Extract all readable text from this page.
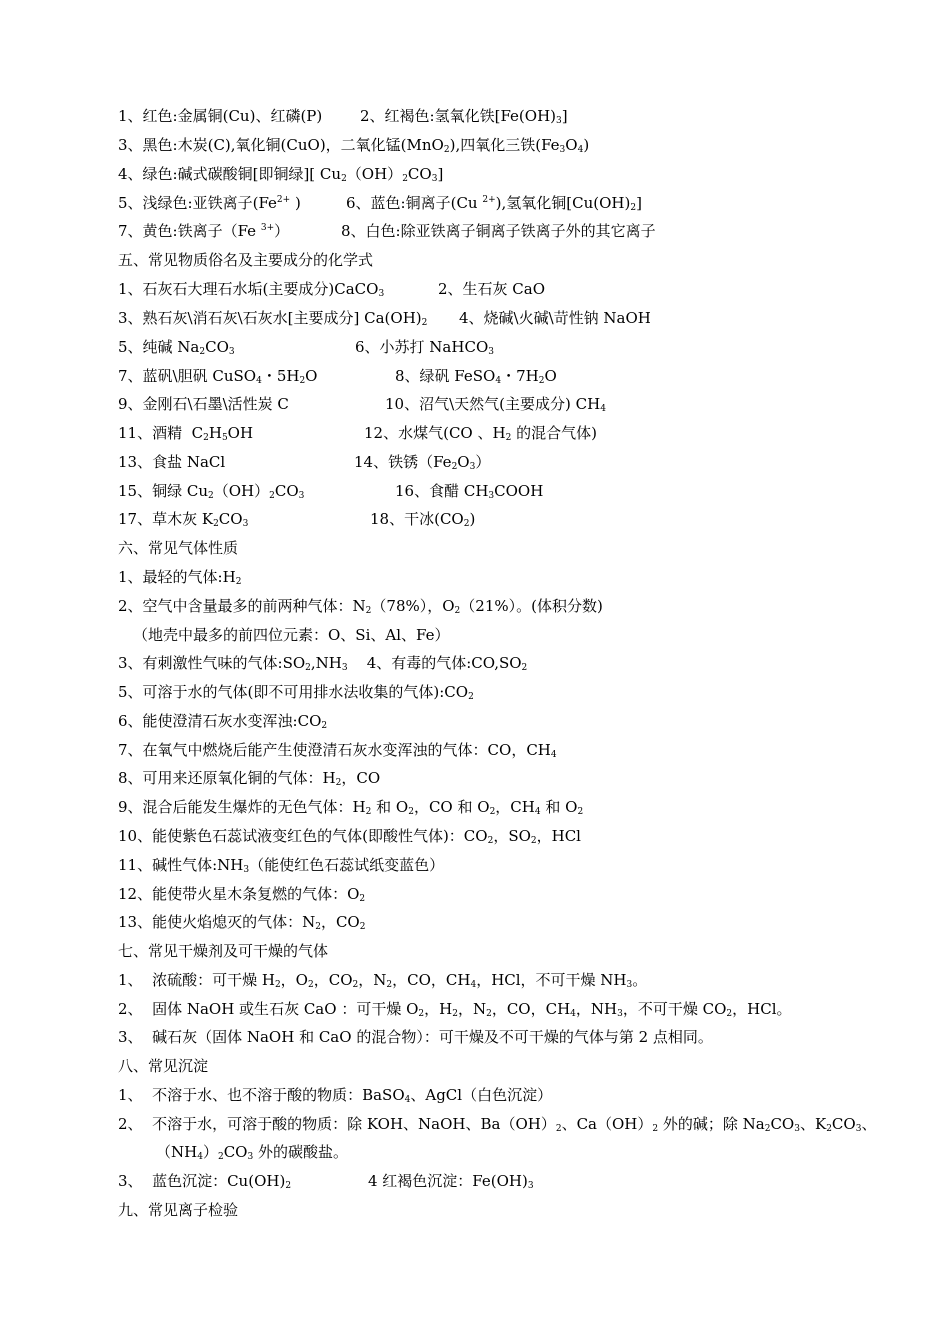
1、红色:金属铜(Cu)、红磷(P)	2、红褐色:氢氧化铁$[Fe(OH)_3]$
3、黑色:木炭(C),氧化铜(CuO)，二氧化锰(MnO$_2$),四氧化三铁$(Fe_3O_4)$
4、绿色:碱式碳酸铜[即铜绿][ $Cu_2(OH)_2CO_3$]
5、浅绿色:亚铁离子($Fe^{2+}$ )	6、蓝色:铜离子(Cu $^{2+}$),氢氧化铜$[Cu(OH)_2]$
7、黄色:铁离子（Fe $^{3+}$）	8、白色:除亚铁离子铜离子铁离子外的其它离子
五、常见物质俗名及主要成分的化学式
1、石灰石大理石水垢(主要成分)CaCO$_3$	2、生石灰 CaO
3、熟石灰\消石灰\石灰水[主要成分] $Ca(OH)_2$ 4、烧碱\火碱\苛性钠 NaOH
5、纯碱 $Na_2CO_3$	6、小苏打 NaHCO$_3$
7、蓝矾\胆矾 CuSO$_4$・$5H_2O$	8、绿矾 FeSO$_4$・$7H_2O$
9、金刚石\石墨\活性炭 C	10、沼气\天然气(主要成分) $CH_4$
11、酒精  $C_2H_5OH$	12、水煤气(CO 、$H_2$ 的混合气体)
13、食盐 NaCl	14、铁锈$(Fe_2O_3)$
15、铜绿 $Cu_2(OH)_2CO_3$	16、食醋 $CH_3COOH$
17、草木灰 $K_2CO_3$	18、干冰$(CO_2)$
六、常见气体性质
1、最轻的气体$:H_2$
2、空气中含量最多的前两种气体：$N_2(78\%)$，$O_2(21\%)$。(体积分数)
（地壳中最多的前四位元素：O、Si、Al、Fe）
3、有刺激性气味的气体$:SO_2,NH_3$    4、有毒的气体$:CO,SO_2$
5、可溶于水的气体(即不可用排水法收集的气体)$:CO_2$
6、能使澄清石灰水变浑浊$:CO_2$
7、在氧气中燃烧后能产生使澄清石灰水变浑浊的气体：CO，$CH_4$
8、可用来还原氧化铜的气体：$H_2$，CO
9、混合后能发生爆炸的无色气体：$H_2$ 和 $O_2$，CO 和 $O_2$，$CH_4$ 和 $O_2$
10、能使紫色石蕊试液变红色的气体(即酸性气体)：$CO_2$，$SO_2$，HCl
11、碱性气体$:NH_3$（能使红色石蕊试纸变蓝色）
12、能使带火星木条复燃的气体：$O_2$
13、能使火焰熄灭的气体：$N_2$，$CO_2$
七、常见干燥剂及可干燥的气体
1、  浓硫酸：可干燥 $H_2$，$O_2$，$CO_2$，$N_2$，CO，$CH_4$，HCl，不可干燥 $NH_3$。
2、  固体 NaOH 或生石灰 CaO ：可干燥 $O_2$，$H_2$，$N_2$，CO，$CH_4$，$NH_3$，不可干燥 $CO_2$，HCl。
3、  碱石灰（固体 NaOH 和 CaO 的混合物）：可干燥及不可干燥的气体与第 2 点相同。
八、常见沉淀
1、  不溶于水、也不溶于酸的物质：BaSO$_4$、AgCl（白色沉淀）
2、  不溶于水，可溶于酸的物质：除 KOH、NaOH、$Ba(OH)_2$、$Ca(OH)_2$ 外的碱；除 $Na_2CO_3$、$K_2CO_3$、
$(NH_4)_2CO_3$ 外的碳酸盐。
3、  蓝色沉淀：$Cu(OH)_2$	4 红褐色沉淀：$Fe(OH)_3$
九、常见离子检验
